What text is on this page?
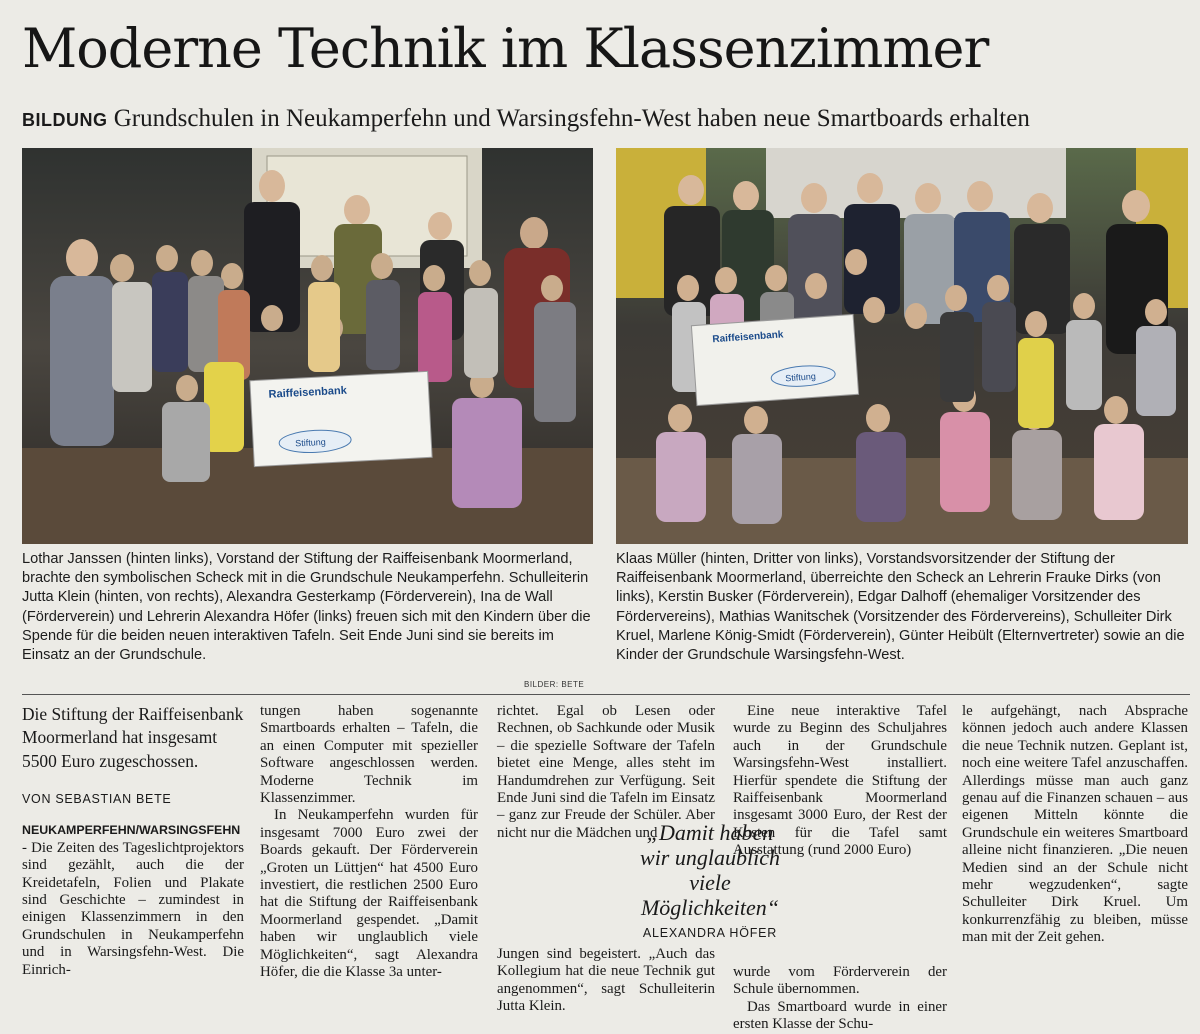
Moderne Technik im Klassenzimmer
BILDUNG Grundschulen in Neukamperfehn und Warsingsfehn-West haben neue Smartboards erhalten
Raiffeisenbank
Stiftung
Raiffeisenbank
Stiftung
Lothar Janssen (hinten links), Vorstand der Stiftung der Raiffeisenbank Moormerland, brachte den symbolischen Scheck mit in die Grundschule Neukamperfehn. Schulleiterin Jutta Klein (hinten, von rechts), Alexandra Gesterkamp (Förderverein), Ina de Wall (Förderverein) und Lehrerin Alexandra Höfer (links) freuen sich mit den Kindern über die Spende für die beiden neuen interaktiven Tafeln. Seit Ende Juni sind sie bereits im Einsatz an der Grundschule.
BILDER: BETE
Klaas Müller (hinten, Dritter von links), Vorstandsvorsitzender der Stiftung der Raiffeisenbank Moormerland, überreichte den Scheck an Lehrerin Frauke Dirks (von links), Kerstin Busker (Förderverein), Edgar Dalhoff (ehemaliger Vorsitzender des Fördervereins), Mathias Wanitschek (Vorsitzender des Fördervereins), Schulleiter Dirk Kruel, Marlene König-Smidt (Förderverein), Günter Heibült (Elternvertreter) sowie an die Kinder der Grundschule Warsingsfehn-West.

Die Stiftung der Raiffeisenbank Moormerland hat insgesamt 5500 Euro zugeschossen.

VON SEBASTIAN BETE

NEUKAMPERFEHN/WARSINGSFEHN - Die Zeiten des Tageslichtprojektors sind gezählt, auch die der Kreidetafeln, Folien und Plakate sind Geschichte – zumindest in einigen Klassenzimmern in den Grundschulen in Neukamperfehn und in Warsingsfehn-West. Die Einrich-

tungen haben sogenannte Smartboards erhalten – Tafeln, die an einen Computer mit spezieller Software angeschlossen werden. Moderne Technik im Klassenzimmer.

In Neukamperfehn wurden für insgesamt 7000 Euro zwei der Boards gekauft. Der Förderverein „Groten un Lüttjen“ hat 4500 Euro investiert, die restlichen 2500 Euro hat die Stiftung der Raiffeisenbank Moormerland gespendet. „Damit haben wir unglaublich viele Möglichkeiten“, sagt Alexandra Höfer, die die Klasse 3a unter-

richtet. Egal ob Lesen oder Rechnen, ob Sachkunde oder Musik – die spezielle Software der Tafeln bietet eine Menge, alles steht im Handumdrehen zur Verfügung. Seit Ende Juni sind die Tafeln im Einsatz – ganz zur Freude der Schüler. Aber nicht nur die Mädchen und

„Damit haben wir unglaublich viele Möglichkeiten“
ALEXANDRA HÖFER

Jungen sind begeistert. „Auch das Kollegium hat die neue Technik gut angenommen“, sagt Schulleiterin Jutta Klein.

Eine neue interaktive Tafel wurde zu Beginn des Schuljahres auch in der Grundschule Warsingsfehn-West installiert. Hierfür spendete die Stiftung der Raiffeisenbank Moormerland insgesamt 3000 Euro, der Rest der Kosten für die Tafel samt Ausstattung (rund 2000 Euro)

wurde vom Förderverein der Schule übernommen.

Das Smartboard wurde in einer ersten Klasse der Schu-

le aufgehängt, nach Absprache können jedoch auch andere Klassen die neue Technik nutzen. Geplant ist, noch eine weitere Tafel anzuschaffen. Allerdings müsse man auch ganz genau auf die Finanzen schauen – aus eigenen Mitteln könnte die Grundschule ein weiteres Smartboard alleine nicht finanzieren. „Die neuen Medien sind an der Schule nicht mehr wegzudenken“, sagte Schulleiter Dirk Kruel. Um konkurrenzfähig zu bleiben, müsse man mit der Zeit gehen.
